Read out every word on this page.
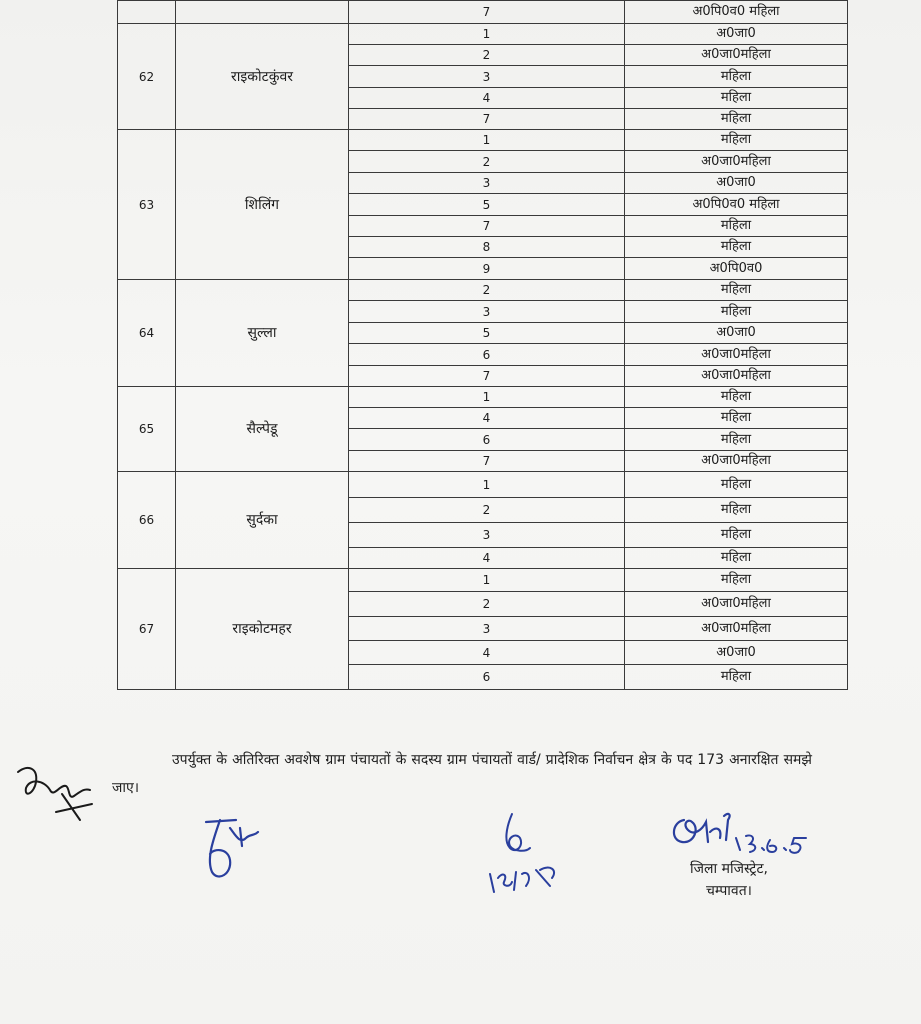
		7	अ0पि0व0 महिला
62	राइकोटकुंवर	1	अ0जा0
		2	अ0जा0महिला
		3	महिला
		4	महिला
		7	महिला
63	शिलिंग	1	महिला
		2	अ0जा0महिला
		3	अ0जा0
		5	अ0पि0व0 महिला
		7	महिला
		8	महिला
		9	अ0पि0व0
64	सुल्ला	2	महिला
		3	महिला
		5	अ0जा0
		6	अ0जा0महिला
		7	अ0जा0महिला
65	सैल्पेडू	1	महिला
		4	महिला
		6	महिला
		7	अ0जा0महिला
66	सुर्दका	1	महिला
		2	महिला
		3	महिला
		4	महिला
67	राइकोटमहर	1	महिला
		2	अ0जा0महिला
		3	अ0जा0महिला
		4	अ0जा0
		6	महिला
उपर्युक्त के अतिरिक्त अवशेष ग्राम पंचायतों के सदस्य ग्राम पंचायतों वार्ड/ प्रादेशिक निर्वाचन क्षेत्र के पद 173 अनारक्षित समझे जाए।
जिला मजिस्ट्रेट,
चम्पावत।
